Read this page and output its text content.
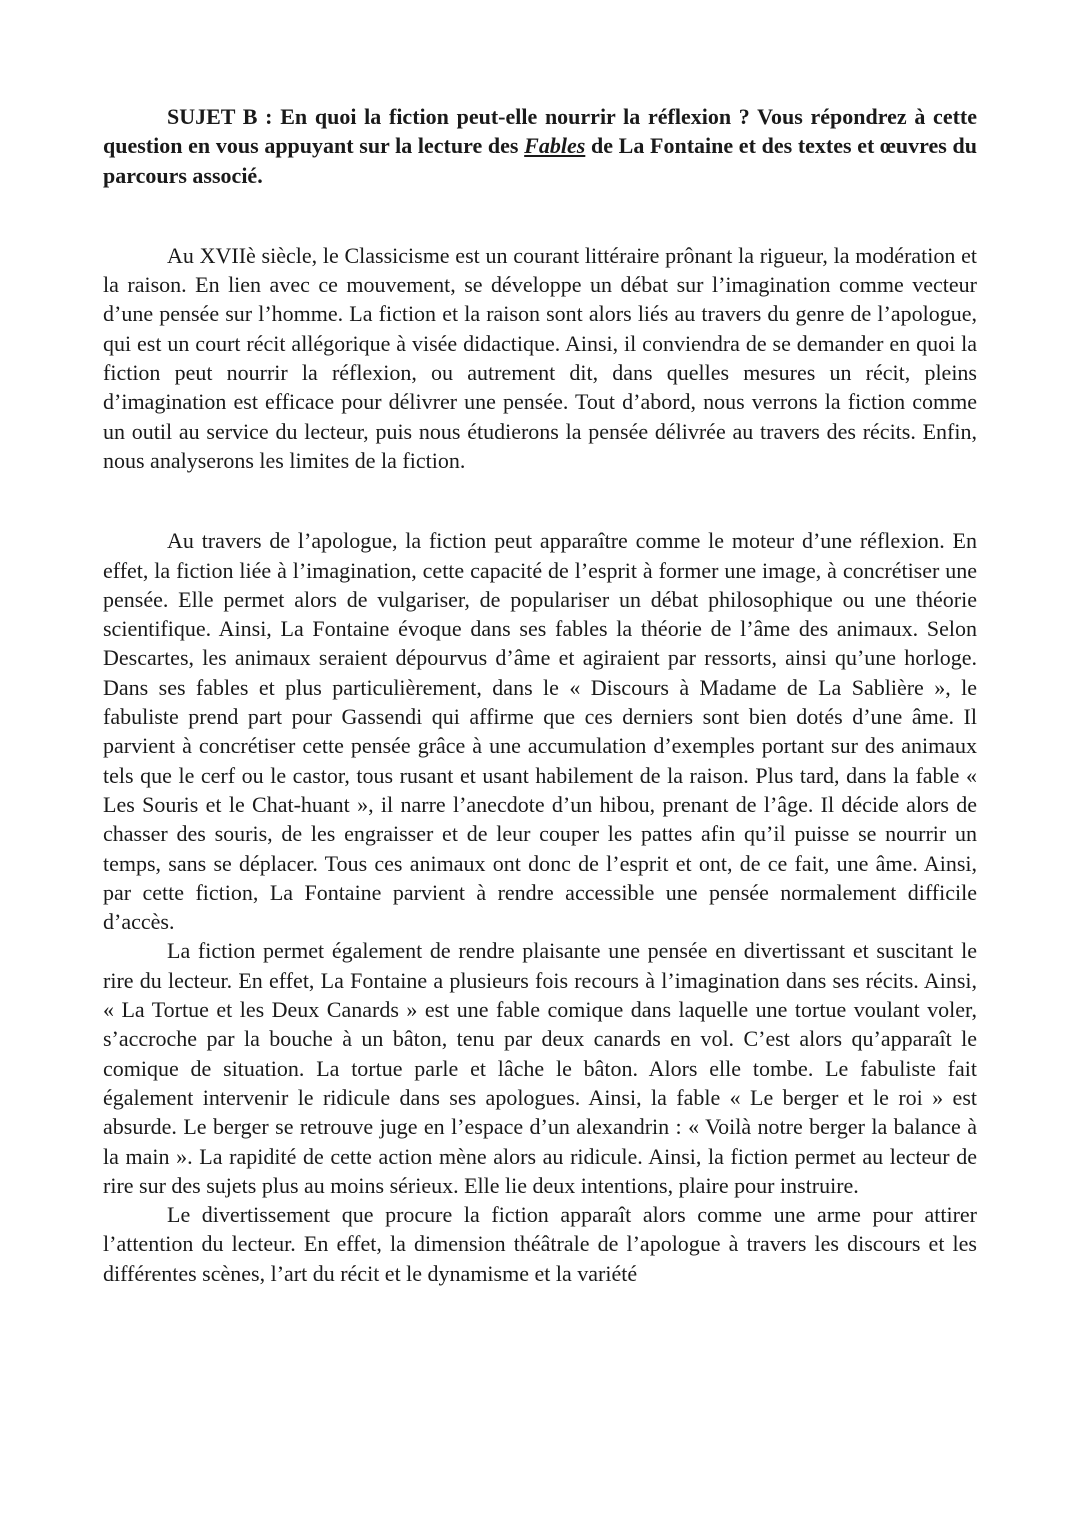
SUJET B : En quoi la fiction peut-elle nourrir la réflexion ? Vous répondrez à cette question en vous appuyant sur la lecture des Fables de La Fontaine et des textes et œuvres du parcours associé.

Au XVIIè siècle, le Classicisme est un courant littéraire prônant la rigueur, la modération et la raison. En lien avec ce mouvement, se développe un débat sur l’imagination comme vecteur d’une pensée sur l’homme. La fiction et la raison sont alors liés au travers du genre de l’apologue, qui est un court récit allégorique à visée didactique. Ainsi, il conviendra de se demander en quoi la fiction peut nourrir la réflexion, ou autrement dit, dans quelles mesures un récit, pleins d’imagination est efficace pour délivrer une pensée. Tout d’abord, nous verrons la fiction comme un outil au service du lecteur, puis nous étudierons la pensée délivrée au travers des récits. Enfin, nous analyserons les limites de la fiction.

Au travers de l’apologue, la fiction peut apparaître comme le moteur d’une réflexion. En effet, la fiction liée à l’imagination, cette capacité de l’esprit à former une image, à concrétiser une pensée. Elle permet alors de vulgariser, de populariser un débat philosophique ou une théorie scientifique. Ainsi, La Fontaine évoque dans ses fables la théorie de l’âme des animaux. Selon Descartes, les animaux seraient dépourvus d’âme et agiraient par ressorts, ainsi qu’une horloge. Dans ses fables et plus particulièrement, dans le « Discours à Madame de La Sablière », le fabuliste prend part pour Gassendi qui affirme que ces derniers sont bien dotés d’une âme. Il parvient à concrétiser cette pensée grâce à une accumulation d’exemples portant sur des animaux tels que le cerf ou le castor, tous rusant et usant habilement de la raison. Plus tard, dans la fable « Les Souris et le Chat-huant », il narre l’anecdote d’un hibou, prenant de l’âge. Il décide alors de chasser des souris, de les engraisser et de leur couper les pattes afin qu’il puisse se nourrir un temps, sans se déplacer. Tous ces animaux ont donc de l’esprit et ont, de ce fait, une âme. Ainsi, par cette fiction, La Fontaine parvient à rendre accessible une pensée normalement difficile d’accès.

La fiction permet également de rendre plaisante une pensée en divertissant et suscitant le rire du lecteur. En effet, La Fontaine a plusieurs fois recours à l’imagination dans ses récits. Ainsi, « La Tortue et les Deux Canards » est une fable comique dans laquelle une tortue voulant voler, s’accroche par la bouche à un bâton, tenu par deux canards en vol. C’est alors qu’apparaît le comique de situation. La tortue parle et lâche le bâton. Alors elle tombe. Le fabuliste fait également intervenir le ridicule dans ses apologues. Ainsi, la fable « Le berger et le roi » est absurde. Le berger se retrouve juge en l’espace d’un alexandrin : « Voilà notre berger la balance à la main ». La rapidité de cette action mène alors au ridicule. Ainsi, la fiction permet au lecteur de rire sur des sujets plus au moins sérieux. Elle lie deux intentions, plaire pour instruire.

Le divertissement que procure la fiction apparaît alors comme une arme pour attirer l’attention du lecteur. En effet, la dimension théâtrale de l’apologue à travers les discours et les différentes scènes, l’art du récit et le dynamisme et la variété
